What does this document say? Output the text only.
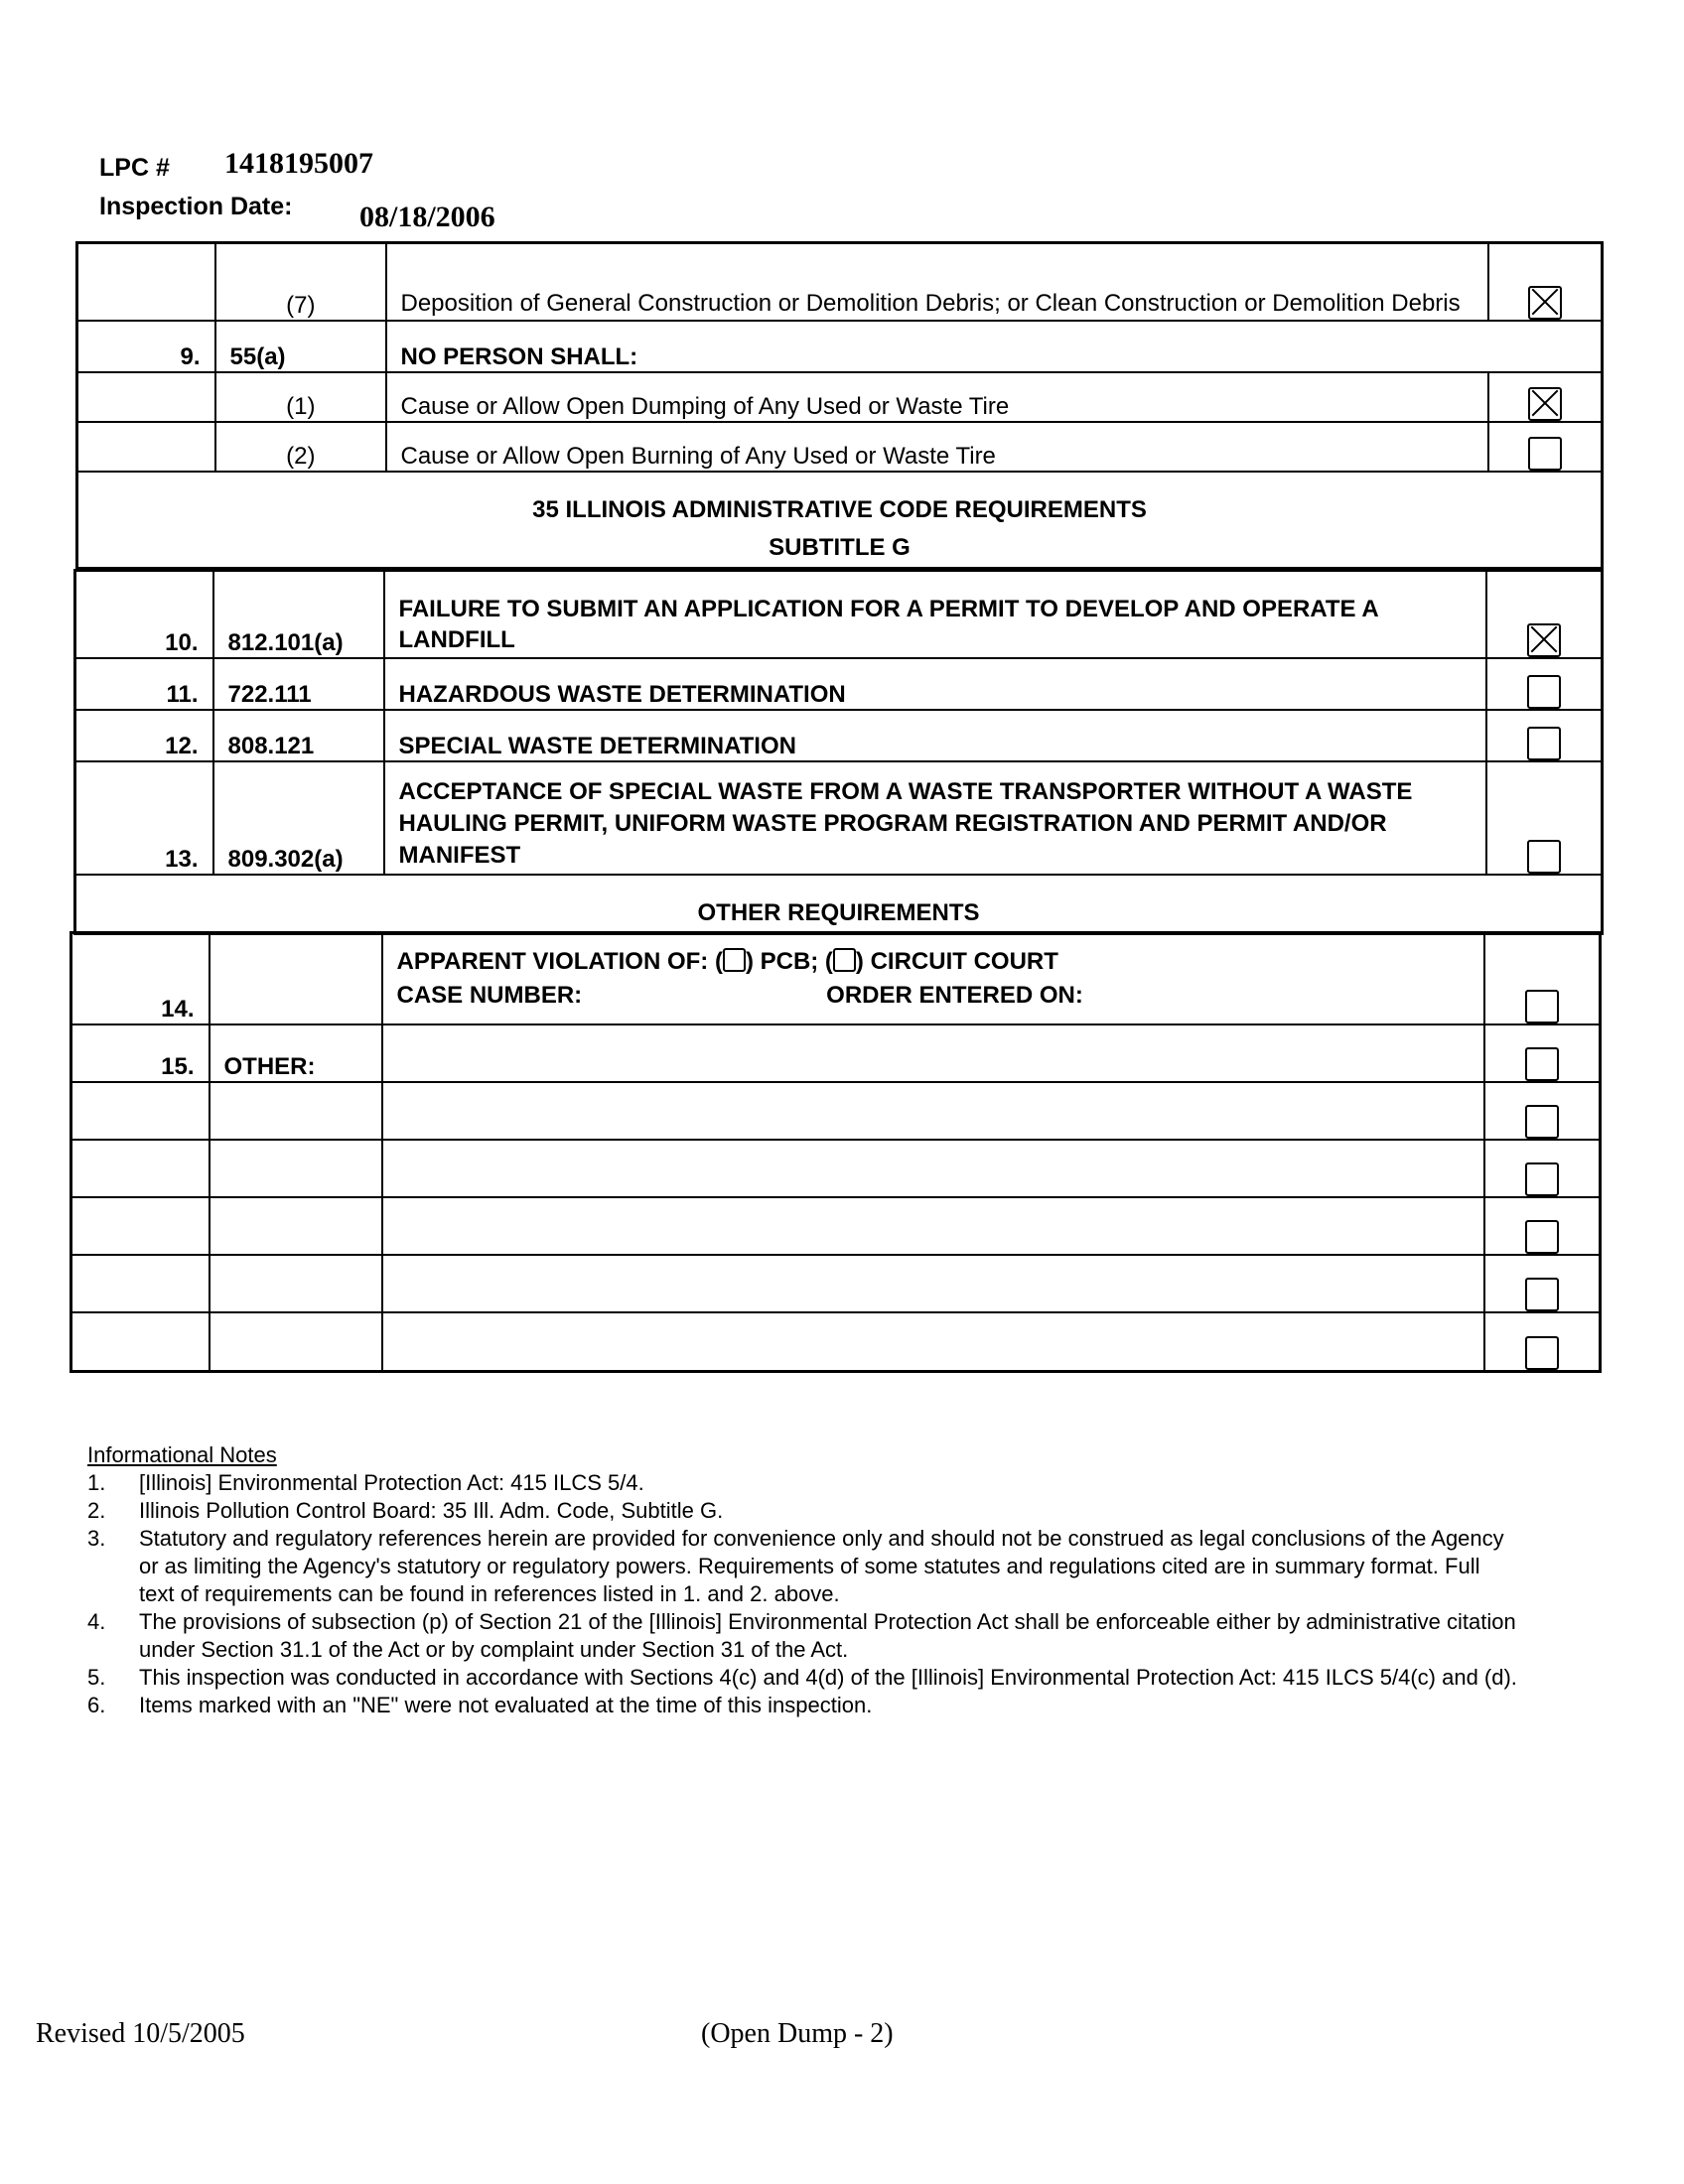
LPC # 1418195007
Inspection Date: 08/18/2006
	(7)	Deposition of General Construction or Demolition Debris; or Clean Construction or Demolition Debris	
9.	55(a)	NO PERSON SHALL:	
	(1)	Cause or Allow Open Dumping of Any Used or Waste Tire	
	(2)	Cause or Allow Open Burning of Any Used or Waste Tire	

35 ILLINOIS ADMINISTRATIVE CODE REQUIREMENTS
SUBTITLE G			
10.	812.101(a)	FAILURE TO SUBMIT AN APPLICATION FOR A PERMIT TO DEVELOP AND OPERATE A LANDFILL	
11.	722.111	HAZARDOUS WASTE DETERMINATION	
12.	808.121	SPECIAL WASTE DETERMINATION	
13.	809.302(a)	ACCEPTANCE OF SPECIAL WASTE FROM A WASTE TRANSPORTER WITHOUT A WASTE HAULING PERMIT, UNIFORM WASTE PROGRAM REGISTRATION AND PERMIT AND/OR MANIFEST	
OTHER REQUIREMENTS			
14.		APPARENT VIOLATION OF: ( ) PCB; ( ) CIRCUIT COURT
CASE NUMBER: ORDER ENTERED ON:	

15.	OTHER:		

Informational Notes
1.	[Illinois] Environmental Protection Act: 415 ILCS 5/4.
2.	Illinois Pollution Control Board: 35 Ill. Adm. Code, Subtitle G.
3.	Statutory and regulatory references herein are provided for convenience only and should not be construed as legal conclusions of the Agency or as limiting the Agency's statutory or regulatory powers. Requirements of some statutes and regulations cited are in summary format. Full text of requirements can be found in references listed in 1. and 2. above.
4.	The provisions of subsection (p) of Section 21 of the [Illinois] Environmental Protection Act shall be enforceable either by administrative citation under Section 31.1 of the Act or by complaint under Section 31 of the Act.
5.	This inspection was conducted in accordance with Sections 4(c) and 4(d) of the [Illinois] Environmental Protection Act: 415 ILCS 5/4(c) and (d).
6.	Items marked with an "NE" were not evaluated at the time of this inspection.
Revised 10/5/2005	(Open Dump - 2)
